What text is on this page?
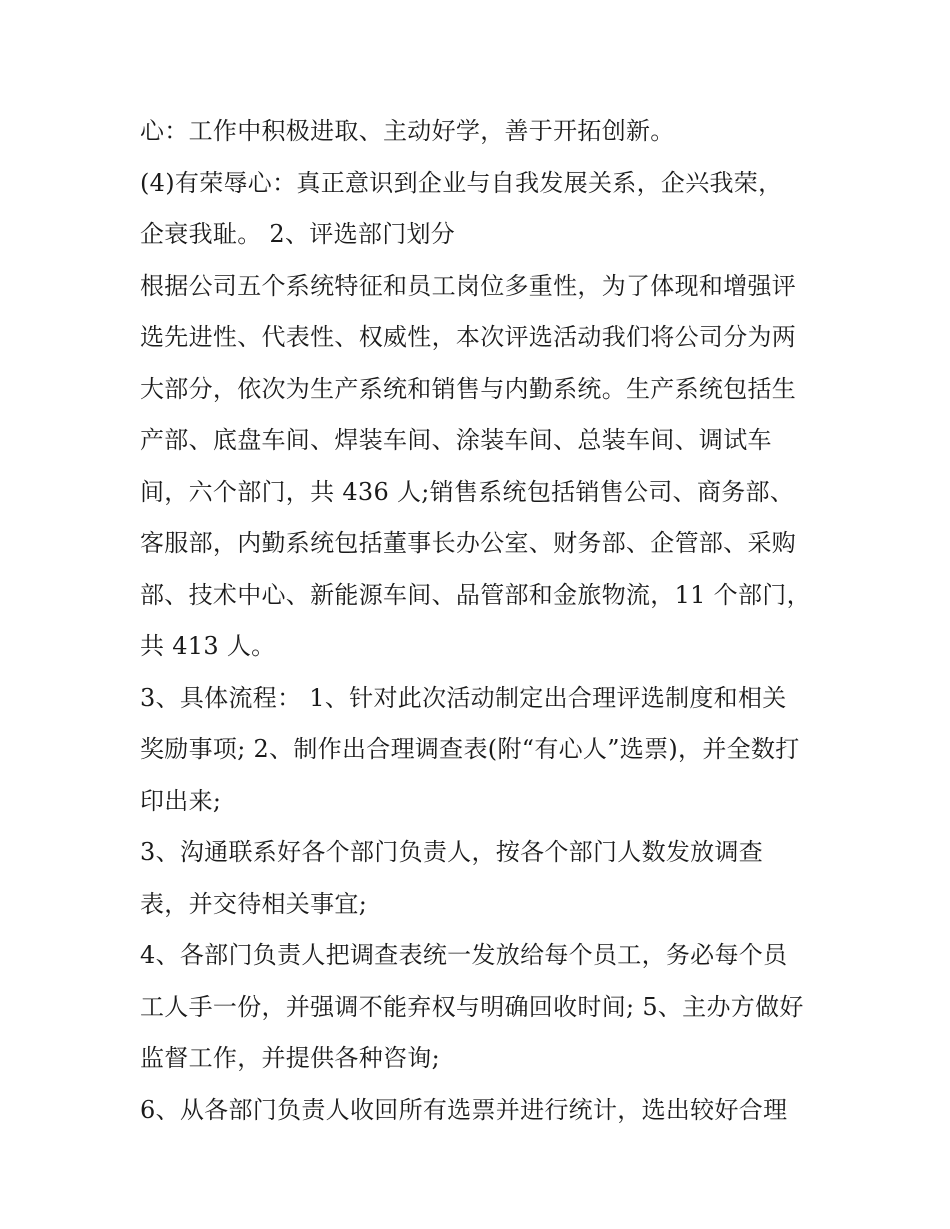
心：工作中积极进取、主动好学，善于开拓创新。
(4)有荣辱心：真正意识到企业与自我发展关系，企兴我荣，
企衰我耻。 2、评选部门划分
根据公司五个系统特征和员工岗位多重性，为了体现和增强评
选先进性、代表性、权威性，本次评选活动我们将公司分为两
大部分，依次为生产系统和销售与内勤系统。生产系统包括生
产部、底盘车间、焊装车间、涂装车间、总装车间、调试车
间，六个部门，共 436 人;销售系统包括销售公司、商务部、
客服部，内勤系统包括董事长办公室、财务部、企管部、采购
部、技术中心、新能源车间、品管部和金旅物流，11 个部门，
共 413 人。
3、具体流程： 1、针对此次活动制定出合理评选制度和相关
奖励事项; 2、制作出合理调查表(附“有心人”选票)，并全数打
印出来;
3、沟通联系好各个部门负责人，按各个部门人数发放调查
表，并交待相关事宜;
4、各部门负责人把调查表统一发放给每个员工，务必每个员
工人手一份，并强调不能弃权与明确回收时间; 5、主办方做好
监督工作，并提供各种咨询;
6、从各部门负责人收回所有选票并进行统计，选出较好合理
